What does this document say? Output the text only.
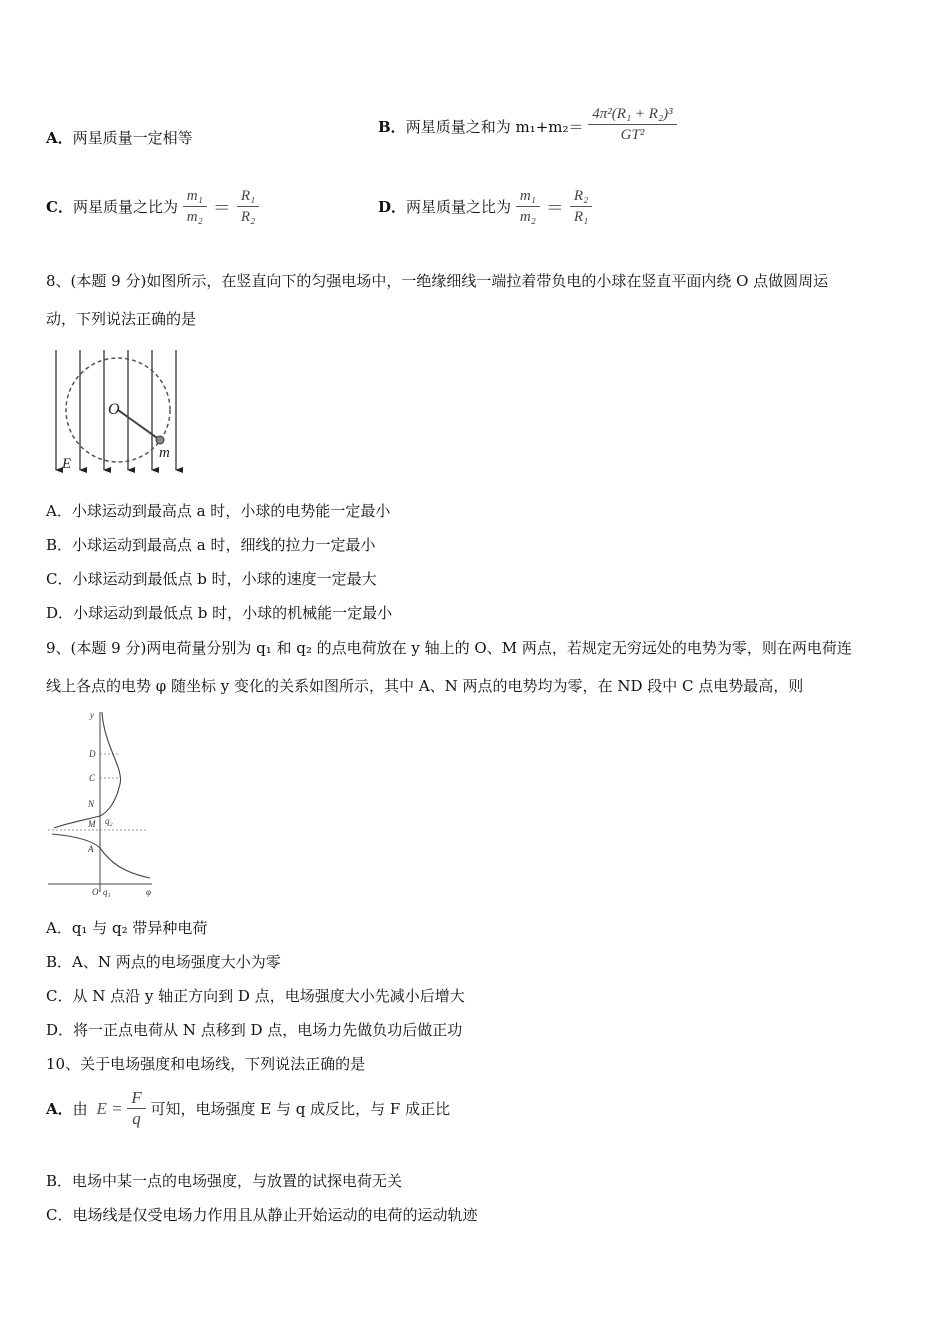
A．两星质量一定相等
B．两星质量之和为 $m_1+m_2= \frac{\text{4π²(R₁ + R₂)³}}{\text{GT²}}$
C．两星质量之比为 $\frac{\text{m₁}}{\text{m₂}} = \frac{\text{R₁}}{\text{R₂}}$	D．两星质量之比为 $\frac{\text{m₁}}{\text{m₂}} = \frac{\text{R₂}}{\text{R₁}}$
8、(本题 9 分)如图所示，在竖直向下的匀强电场中，一绝缘细线一端拉着带负电的小球在竖直平面内绕 O 点做圆周运
动，下列说法正确的是
O
E
m
A．小球运动到最高点 a 时，小球的电势能一定最小
B．小球运动到最高点 a 时，细线的拉力一定最小
C．小球运动到最低点 b 时，小球的速度一定最大
D．小球运动到最低点 b 时，小球的机械能一定最小
9、(本题 9 分)两电荷量分别为 q₁ 和 q₂ 的点电荷放在 y 轴上的 O、M 两点，若规定无穷远处的电势为零，则在两电荷连
线上各点的电势 φ 随坐标 y 变化的关系如图所示，其中 A、N 两点的电势均为零，在 ND 段中 C 点电势最高，则
y
D
C
N
M q₂
A
O q₁	φ
A．q₁ 与 q₂ 带异种电荷
B．A、N 两点的电场强度大小为零
C．从 N 点沿 y 轴正方向到 D 点，电场强度大小先减小后增大
D．将一正点电荷从 N 点移到 D 点，电场力先做负功后做正功
10、关于电场强度和电场线，下列说法正确的是
A．由 $E = \frac{F}{q}$ 可知，电场强度 E 与 q 成反比，与 F 成正比
B．电场中某一点的电场强度，与放置的试探电荷无关
C．电场线是仅受电场力作用且从静止开始运动的电荷的运动轨迹
